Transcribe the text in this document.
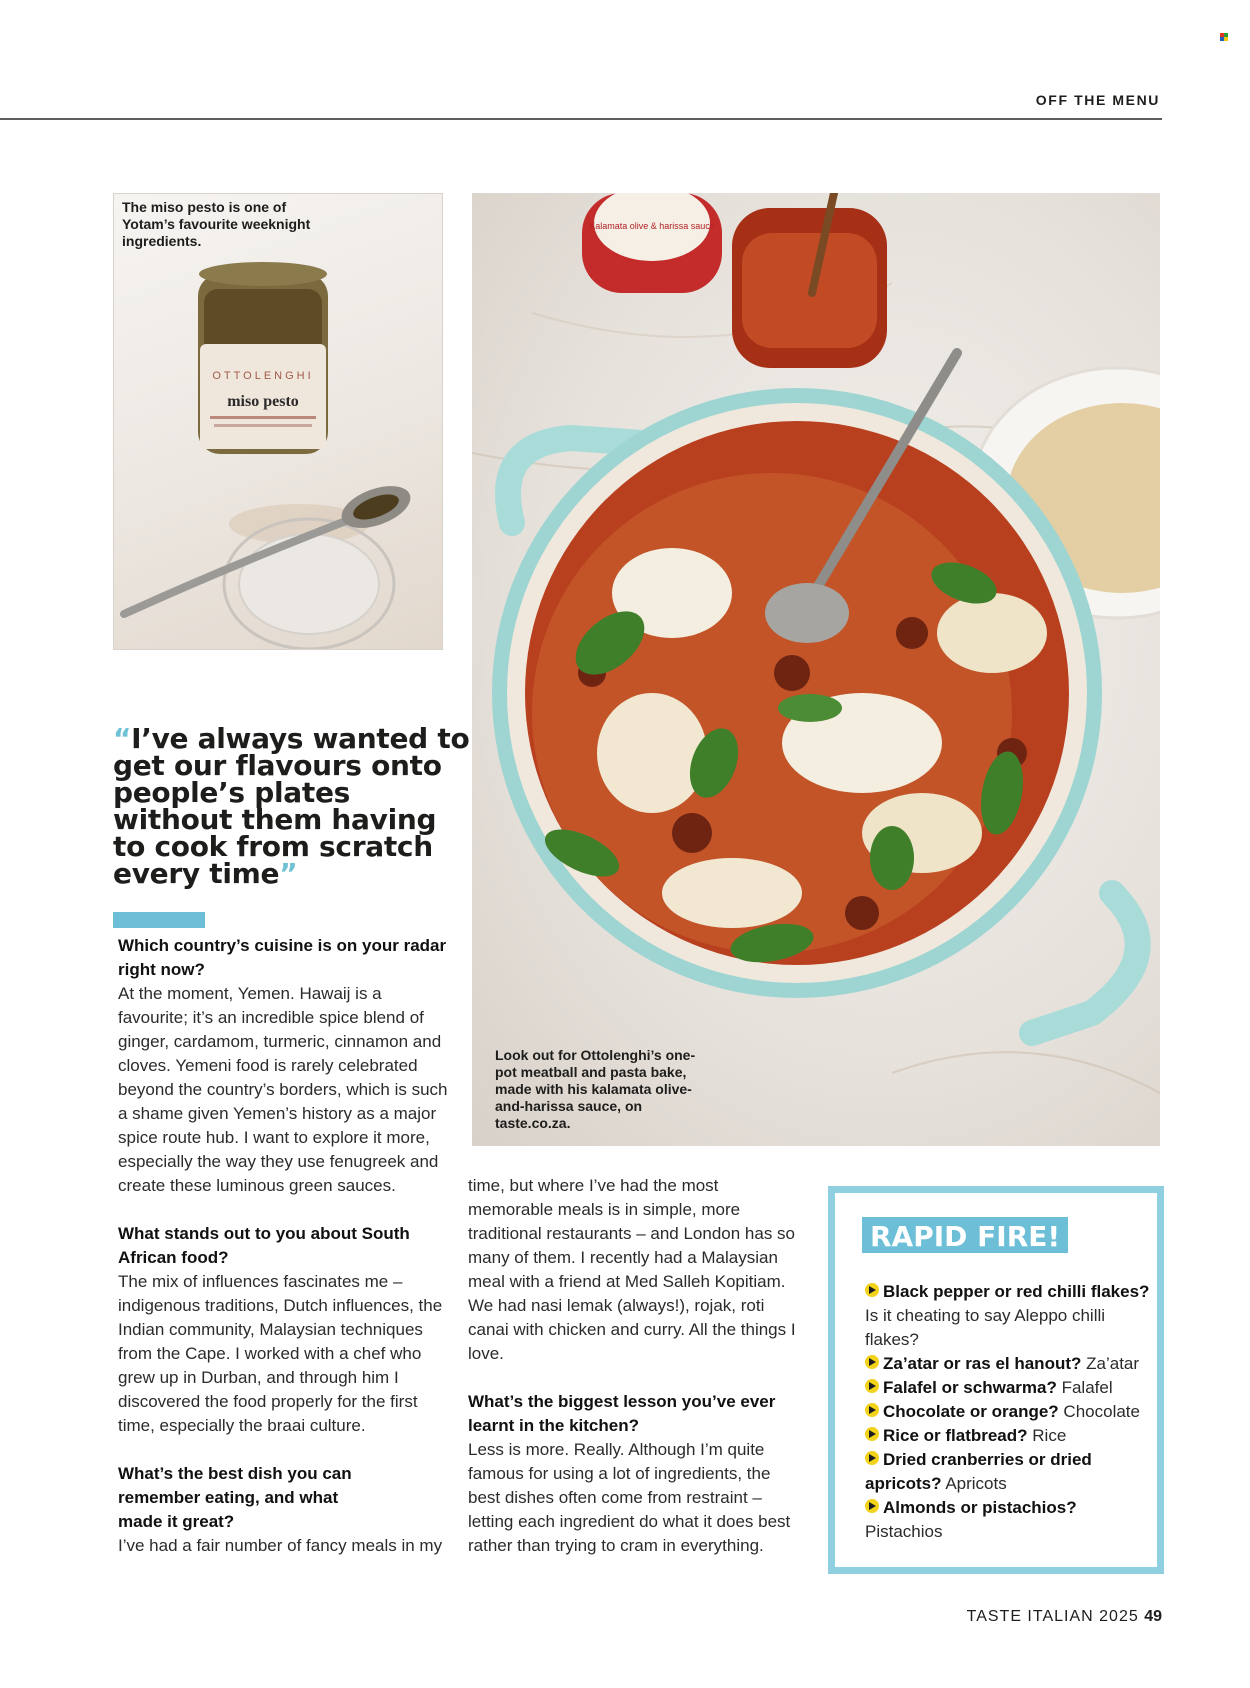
OFF THE MENU
OTTOLENGHI
miso pesto
The miso pesto is one of Yotam’s favourite weeknight ingredients.
Kalamata olive & harissa sauce
Look out for Ottolenghi’s one-pot meatball and pasta bake, made with his kalamata olive-and-harissa sauce, on taste.co.za.
“I’ve always wanted to get our flavours onto people’s plates without them having to cook from scratch every time”

Which country’s cuisine is on your radar right now?

At the moment, Yemen. Hawaij is a favourite; it’s an incredible spice blend of ginger, cardamom, turmeric, cinnamon and cloves. Yemeni food is rarely celebrated beyond the country’s borders, which is such a shame given Yemen’s history as a major spice route hub. I want to explore it more, especially the way they use fenugreek and create these luminous green sauces.

What stands out to you about South African food?

The mix of influences fascinates me – indigenous traditions, Dutch influences, the Indian community, Malaysian techniques from the Cape. I worked with a chef who grew up in Durban, and through him I discovered the food properly for the first time, especially the braai culture.

What’s the best dish you can remember eating, and what made it great?

I’ve had a fair number of fancy meals in my

time, but where I’ve had the most memorable meals is in simple, more traditional restaurants – and London has so many of them. I recently had a Malaysian meal with a friend at Med Salleh Kopitiam. We had nasi lemak (always!), rojak, roti canai with chicken and curry. All the things I love.

What’s the biggest lesson you’ve ever learnt in the kitchen?

Less is more. Really. Although I’m quite famous for using a lot of ingredients, the best dishes often come from restraint – letting each ingredient do what it does best rather than trying to cram in everything.

RAPID FIRE!

Black pepper or red chilli flakes? Is it cheating to say Aleppo chilli flakes?

Za’atar or ras el hanout? Za’atar

Falafel or schwarma? Falafel

Chocolate or orange? Chocolate

Rice or flatbread? Rice

Dried cranberries or dried apricots? Apricots

Almonds or pistachios? Pistachios

TASTE ITALIAN 2025 49
